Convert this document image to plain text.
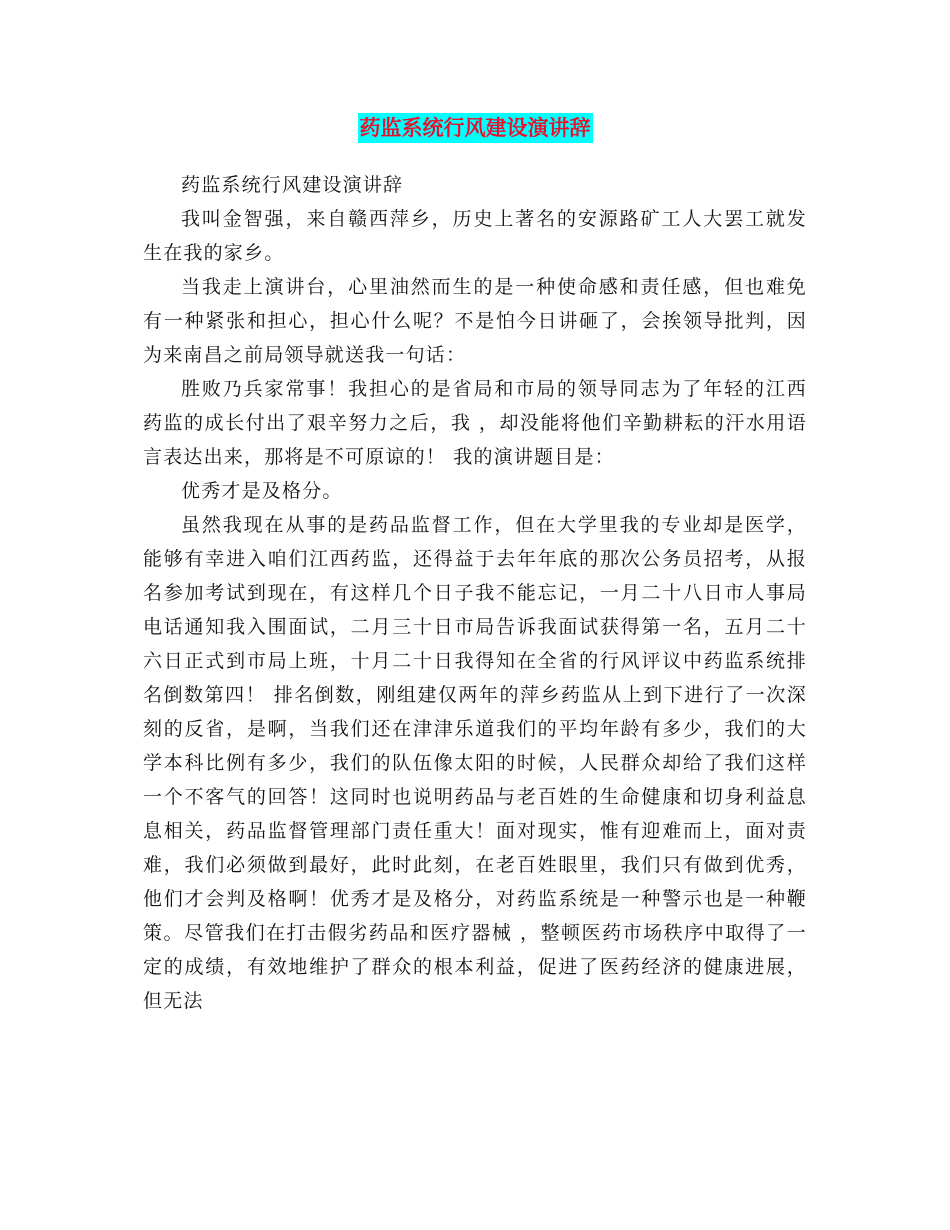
药监系统行风建设演讲辞

药监系统行风建设演讲辞

我叫金智强，来自赣西萍乡，历史上著名的安源路矿工人大罢工就发生在我的家乡。

当我走上演讲台，心里油然而生的是一种使命感和责任感，但也难免有一种紧张和担心，担心什么呢？不是怕今日讲砸了，会挨领导批判，因为来南昌之前局领导就送我一句话：

胜败乃兵家常事！我担心的是省局和市局的领导同志为了年轻的江西药监的成长付出了艰辛努力之后，我 ，却没能将他们辛勤耕耘的汗水用语言表达出来，那将是不可原谅的！ 我的演讲题目是：

优秀才是及格分。

虽然我现在从事的是药品监督工作，但在大学里我的专业却是医学，能够有幸进入咱们江西药监，还得益于去年年底的那次公务员招考，从报名参加考试到现在，有这样几个日子我不能忘记，一月二十八日市人事局电话通知我入围面试，二月三十日市局告诉我面试获得第一名，五月二十六日正式到市局上班，十月二十日我得知在全省的行风评议中药监系统排名倒数第四！ 排名倒数，刚组建仅两年的萍乡药监从上到下进行了一次深刻的反省，是啊，当我们还在津津乐道我们的平均年龄有多少，我们的大学本科比例有多少，我们的队伍像太阳的时候，人民群众却给了我们这样一个不客气的回答！这同时也说明药品与老百姓的生命健康和切身利益息息相关，药品监督管理部门责任重大！面对现实，惟有迎难而上，面对责难，我们必须做到最好，此时此刻，在老百姓眼里，我们只有做到优秀，他们才会判及格啊！优秀才是及格分，对药监系统是一种警示也是一种鞭策。尽管我们在打击假劣药品和医疗器械 ，整顿医药市场秩序中取得了一定的成绩，有效地维护了群众的根本利益，促进了医药经济的健康进展，但无法
